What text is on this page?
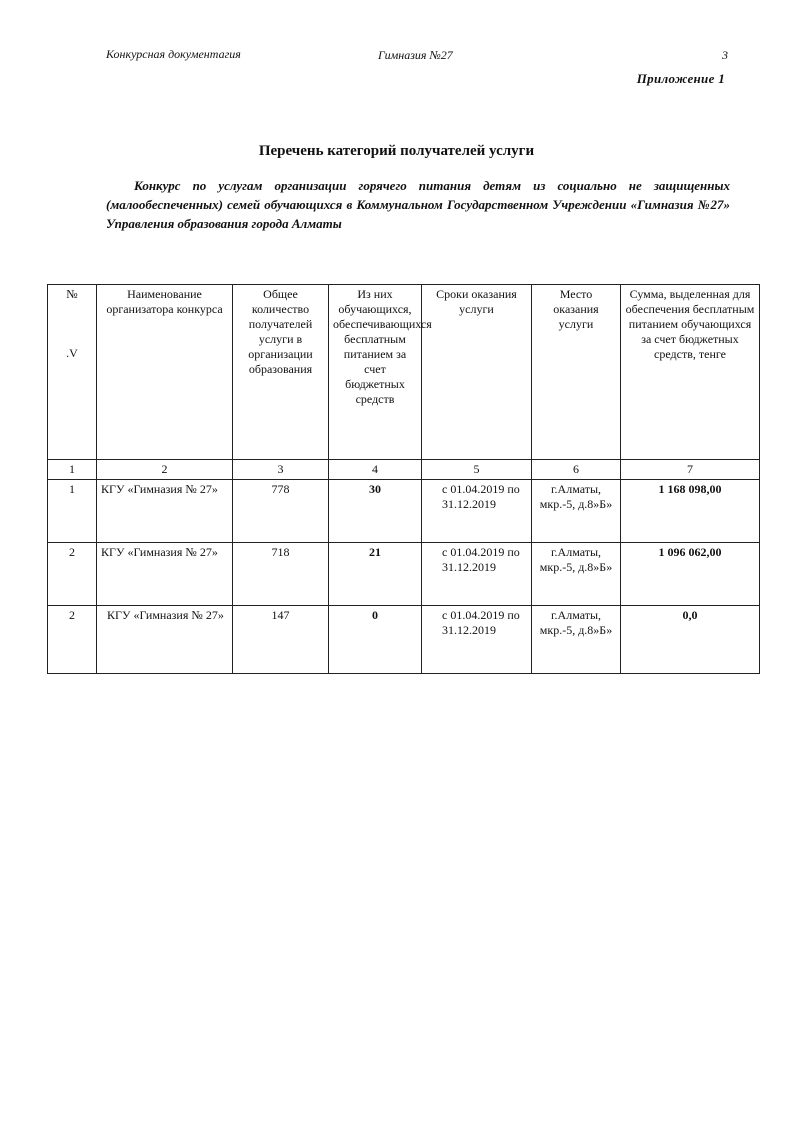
Конкурсная документагия	Гимназия №27	3
Приложение 1
Перечень категорий получателей услуги
Конкурс по услугам организации горячего питания детям из социально не защищенных (малообеспеченных) семей обучающихся в Коммунальном Государственном Учреждении «Гимназия №27» Управления образования города Алматы
№
.V	Наименование организатора конкурса	Общее количество получателей услуги в организации образования	Из них обучающихся, обеспечивающихся бесплатным питанием за счет бюджетных средств	Сроки оказания услуги	Место оказания услуги	Сумма, выделенная для обеспечения бесплатным питанием обучающихся за счет бюджетных средств, тенге
1	2	3	4	5	6	7
1	КГУ «Гимназия № 27»	778	30	с 01.04.2019 по 31.12.2019	г.Алматы, мкр.-5, д.8»Б»	1 168 098,00
2	КГУ «Гимназия № 27»	718	21	с 01.04.2019 по 31.12.2019	г.Алматы, мкр.-5, д.8»Б»	1 096 062,00
2	КГУ «Гимназия № 27»	147	0	с 01.04.2019 по 31.12.2019	г.Алматы, мкр.-5, д.8»Б»	0,0
